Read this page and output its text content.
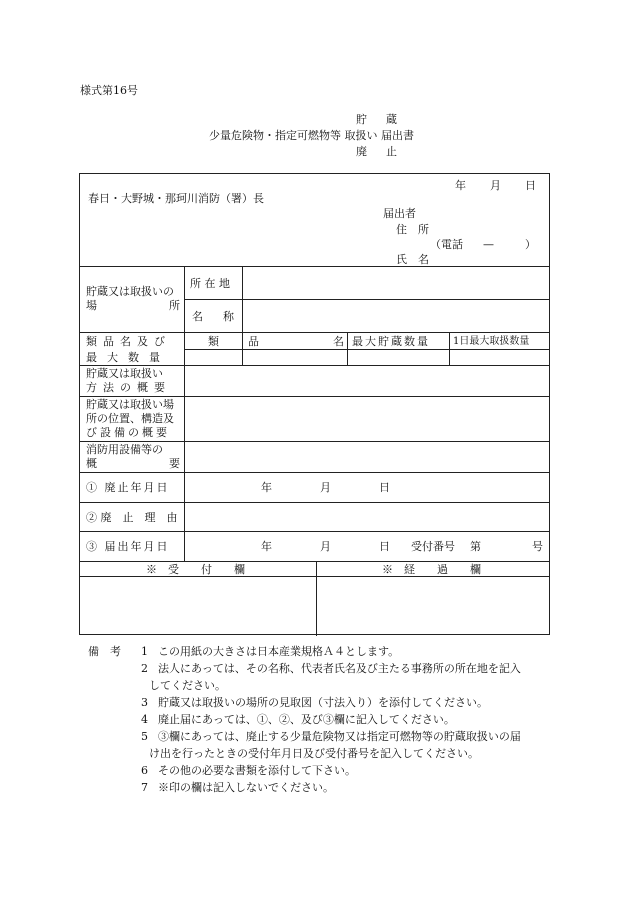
様式第16号
貯　蔵
少量危険物・指定可燃物等 取扱い 届出書
廃　止
年 月 日
春日・大野城・那珂川消防（署）長
届出者
住　所
（電話 —	）
氏　名
貯蔵又は取扱いの
場	所
所 在 地
名 称
類品名及び
最大数量
類	品	名 最大貯蔵数量 1日最大取扱数量
貯蔵又は取扱い
方法の概要
貯蔵又は取扱い場
所の位置、構造及
び設備の概要
消防用設備等の
概	要
① 廃止年月日	年	月	日
② 廃　止　理　由
③ 届出年月日	年	月	日 受付番号 第	号
※　受　　付　　欄	※　経　　過　　欄
備　考 1 この用紙の大きさは日本産業規格Ａ４とします。
2 法人にあっては、その名称、代表者氏名及び主たる事務所の所在地を記入
してください。
3 貯蔵又は取扱いの場所の見取図（寸法入り）を添付してください。
4 廃止届にあっては、①、②、及び③欄に記入してください。
5 ③欄にあっては、廃止する少量危険物又は指定可燃物等の貯蔵取扱いの届
け出を行ったときの受付年月日及び受付番号を記入してください。
6 その他の必要な書類を添付して下さい。
7 ※印の欄は記入しないでください。
